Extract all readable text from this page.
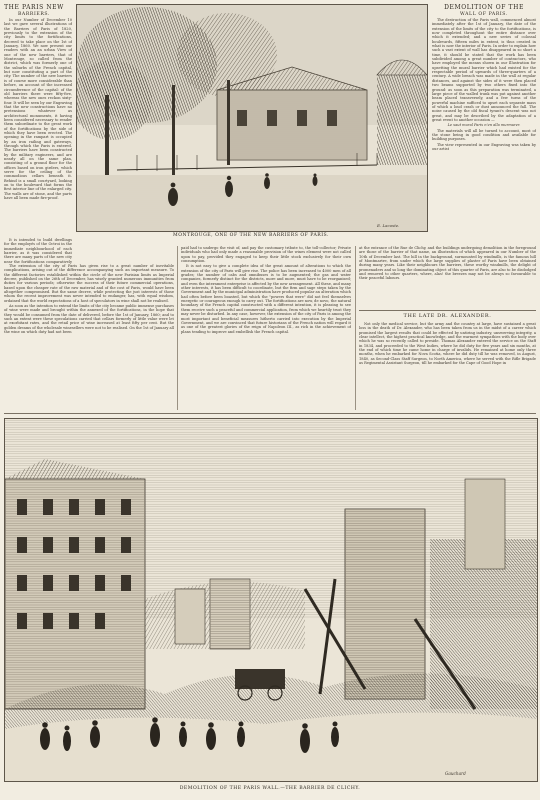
THE PARIS NEW
BARRIERS.
DEMOLITION OF THE
WALL OF PARIS.

In our Number of December 10 last we gave several illustrations of the Barriers of Paris of 1820, previously to the extension of the city limits to the fortifications, decreed to take place on the 1st of January, 1860. We now present our readers with an an urban View of one of the new barriers, that of Montrouge, so called from the district, which was formerly one of the suburbs of the French capital, but now constituting a part of the city. The number of the new barriers is of course more considerable than before, on account of the increased circumference of the capital: of the old barriers there were fifty-five, whereas the new ones reckon sixty-four. It will be seen by our Engraving that the new constructions have no pretensions whatever as architectural monuments, it having been considered necessary to render them subordinate to the great work of the fortifications by the side of which they have been erected. The opening in the rampart is occupied by an iron railing and gateways, through which the Paris is entered. The barriers have been constructed by the military engineers, and are nearly all on the same plan, consisting of a ground floor for the offices based on iron girders, which serve for the ceiling of the commodious cellars beneath it. Behind is a small courtyard, looking on to the boulevard that forms the first interior line of the enlarged city. The walls are of stone, and the parts have all been made fire-proof.

It is intended to build dwellings for the employés of the Octroi in the immediate neighbourhood of each barrier, as it was considered that there are many parts of the new city near the fortifications comparatively

E. Lacoste.
MONTROUGE, ONE OF THE NEW BARRIERS OF PARIS.

The destruction of the Paris wall, commenced almost immediately after the 1st of January, the date of the extension of the limits of the city to the fortifications, is now completed throughout the entire distance over which it extended; and a new series of colossal boulevards, fifteen miles in extent, is thus created in what is now the interior of Paris. In order to explain how such a vast extent of wall has disappeared in so short a time, it should be stated that the work has been subdivided among a great number of contractors, who have employed the means shown in our Illustration for upsetting the mural barrier which had existed for the respectable period of upwards of three-quarters of a century. A wide breach was made in the wall at regular distances, and against the sides of it were then placed two beams supported by two others fixed into the ground: as soon as this preparation was terminated, a large piece of the walled trunk was put against another beam placed transversely, and a few turns of the powerful machine sufficed to upset each separate mass of which a loud crash or dust announced the fall. The noise caused by the old fiscal tyrant's descent was not great, and may be described by the adaptation of a great event to another occasion —

Le saut mural Paris n'en alla murmurer.

The materials will all be turned to account, most of the stone being in good condition and available for building purposes.

The view represented in our Engraving was taken by our artist

The extension of the city of Paris has given rise to a great number of inevitable complications, arising out of the difference accompanying such an important measure. To the different factories established within the circle of the new Parisian limits as Imperial decree, published on the 26th of December, has wisely granted numerous immunities from duties for various periods; otherwise the success of their future commercial operations, based upon the cheaper rate of the raw material and of the cost of Paris, would have been altogether compromised. But the same decree, while protecting the just interests of those whom the recent improvement was never intended to endanger, has, with equal wisdom, ordained that the world expectations of a host of speculators in wine shall not be realised.

As soon as the intention to extend the limits of the city became public immense purchases of wine were made and brought within the annexed of the fortifications, in the hope that they would be consumed from the date of delivered, before the 1st of January, 1860; and to such an extent were these speculations carried that cellars formerly of little value were let at exorbitant rates, and the retail price of wine increased at least fifty per cent. But the golden dreams of the wholesale winesellers were not to be realised. On the 1st of January all the wine on which duty had not been

paid had to undergo the visit of, and pay the customary tribute to, the toll-collector; Private individuals who had only made a reasonable provision of the wines element were not called upon to pay, provided they engaged to keep their little stock exclusively for their own consumption.

It is not easy to give a complete idea of the great amount of alterations to which the extension of the city of Paris will give rise. The police has been increased to 4000 men of all grades; the number of cabs and omnibuses is to be augmented; the gas and water companies, formerly distinct for the districts, more and more, must have to be reorganised; and even the internment enterprise is affected by the new arrangement. All these, and many other interests, it has been difficult to coordinate, but the firm and sage steps taken by the Government and by the municipal administration have produced popular an alteration which had often before been boasted, but which the "powers that were" did not feel themselves energetic or courageous enough to carry out. The fortifications are now, de novo, the natural boundary of the French capital constructed with a different intention, it is pleasing to see them receive such a peaceful and commercial application, from which we heartily trust they may never be disturbed. In any case, however, the extension of the city of Paris is among the most important and beneficial measures hitherto carried into execution by the Imperial Government, and we are convinced that future historians of the French nation will regard it as one of the greatest glories of the reign of Napoleon III., as rich in the achievement of plans tending to improve and embellish the French capital.

at the entrance of the Rue de Clichy, and the buildings undergoing demolition in the foreground are those of the barrier of that name, an illustration of which appeared in our Number of the 10th of December last. The hill in the background, surmounted by windmills, is the famous hill of Montmartre, from under which the large supplies of plaster of Paris have been obtained during many years. Like their neighbours the barriers, these worthy windmills, the delight of promenaders and so long the dominating object of this quarter of Paris, are also to be disdodged and removed to other quarters, where, alas! the breezes may not be always so favourable to their peaceful labours.

THE LATE DR. ALEXANDER.

Not only the medical service, but the army and the country at large, have sustained a great loss in the death of Dr. Alexander, who has been taken from us in the midst of a career which promised the largest results that could be effected by untiring industry, unswerving integrity, a clear intellect, the highest practical knowledge, and the warmest sympathies with the body over which he was so recently called to preside. Thomas Alexander entered the service on the Staff in 1834, and proceeded to the West Indies, where he did duty for five years and six months, at the end of which time he came home in charge of invalids. He remained at home only three months, when he embarked for Nova Scotia, where he did duty till he was removed, in August, 1840, as Second-Class Staff Surgeon, to North America, where he served with the Rifle Brigade as Regimental Assistant Surgeon, till he embarked for the Cape of Good Hope in

Gauchard
DEMOLITION OF THE PARIS WALL.—THE BARRIER DE CLICHY.
